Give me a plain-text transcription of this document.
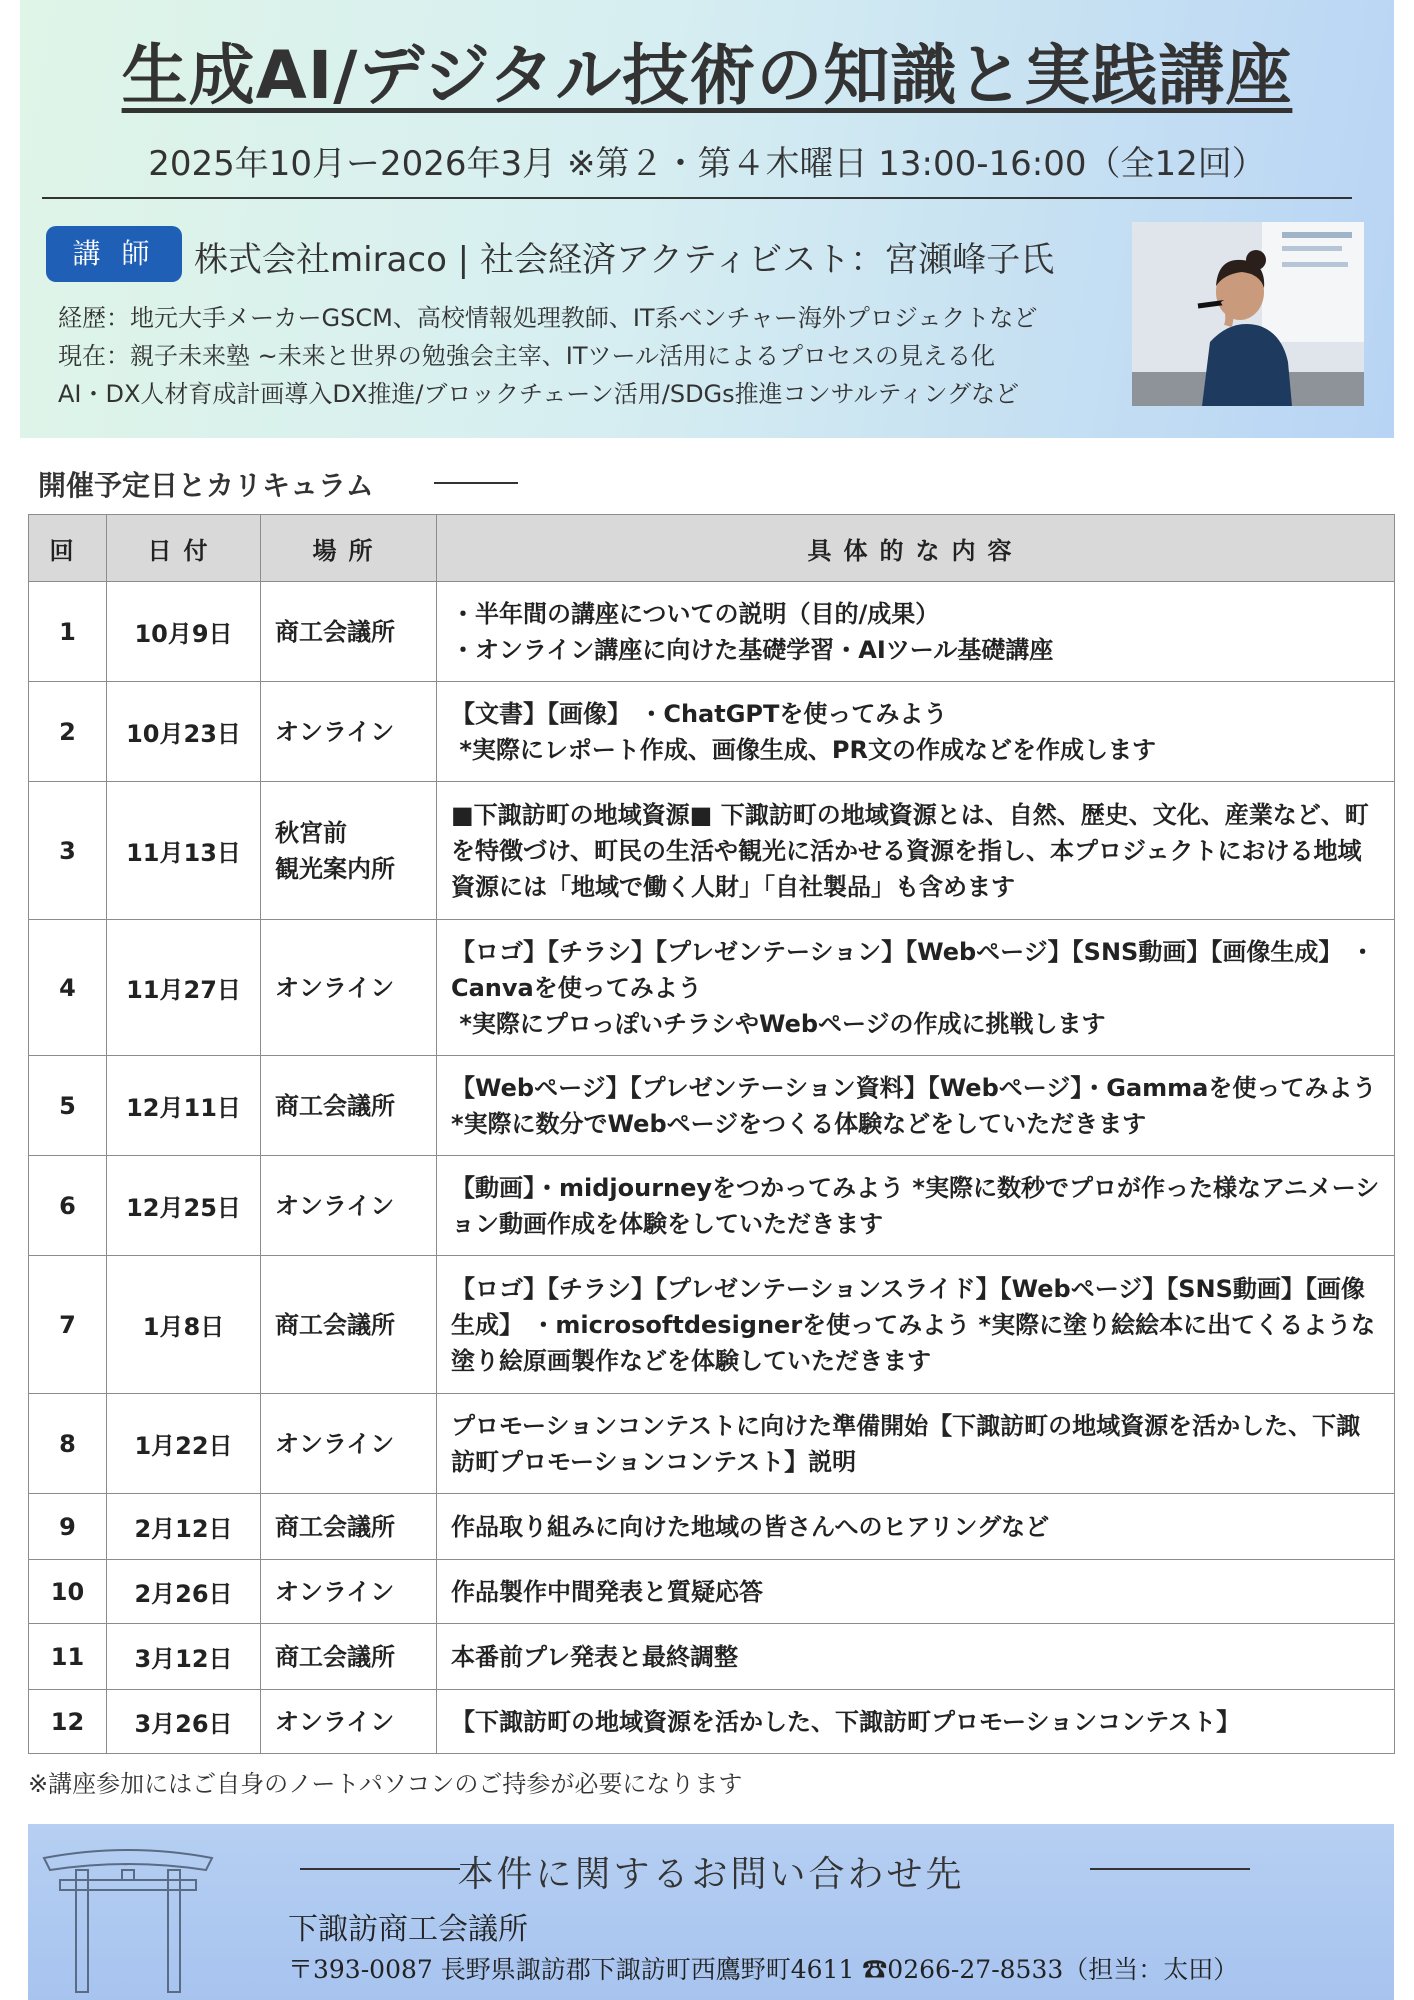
生成AI/デジタル技術の知識と実践講座
2025年10月ー2026年3月 ※第２・第４木曜日 13:00-16:00（全12回）
講 師	株式会社miraco | 社会経済アクティビスト：宮瀬峰子氏
経歴：地元大手メーカーGSCM、高校情報処理教師、IT系ベンチャー海外プロジェクトなど
現在：親子未来塾 ~未来と世界の勉強会主宰、ITツール活用によるプロセスの見える化
AI・DX人材育成計画導入DX推進/ブロックチェーン活用/SDGs推進コンサルティングなど
開催予定日とカリキュラム
回	日付	場所	具体的な内容
1	10月9日	商工会議所	・半年間の講座についての説明（目的/成果）
・オンライン講座に向けた基礎学習・AIツール基礎講座

2	10月23日	オンライン	【文書】【画像】 ・ChatGPTを使ってみよう
*実際にレポート作成、画像生成、PR文の作成などを作成します

3	11月13日	秋宮前
観光案内所	■下諏訪町の地域資源■ 下諏訪町の地域資源とは、自然、歴史、文化、産業など、町を特徴づけ、町民の生活や観光に活かせる資源を指し、本プロジェクトにおける地域資源には「地域で働く人財」「自社製品」も含めます

4	11月27日	オンライン	【ロゴ】【チラシ】【プレゼンテーション】【Webページ】【SNS動画】【画像生成】 ・Canvaを使ってみよう
*実際にプロっぽいチラシやWebページの作成に挑戦します

5	12月11日	商工会議所	【Webページ】【プレゼンテーション資料】【Webページ】・Gammaを使ってみよう *実際に数分でWebページをつくる体験などをしていただきます

6	12月25日	オンライン	【動画】・midjourneyをつかってみよう *実際に数秒でプロが作った様なアニメーション動画作成を体験をしていただきます

7	1月8日	商工会議所	【ロゴ】【チラシ】【プレゼンテーションスライド】【Webページ】【SNS動画】【画像生成】 ・microsoftdesignerを使ってみよう *実際に塗り絵絵本に出てくるような塗り絵原画製作などを体験していただきます

8	1月22日	オンライン	プロモーションコンテストに向けた準備開始【下諏訪町の地域資源を活かした、下諏訪町プロモーションコンテスト】説明

9	2月12日	商工会議所	作品取り組みに向けた地域の皆さんへのヒアリングなど

10	2月26日	オンライン	作品製作中間発表と質疑応答

11	3月12日	商工会議所	本番前プレ発表と最終調整

12	3月26日	オンライン	【下諏訪町の地域資源を活かした、下諏訪町プロモーションコンテスト】
※講座参加にはご自身のノートパソコンのご持参が必要になります
本件に関するお問い合わせ先
下諏訪商工会議所
〒393-0087 長野県諏訪郡下諏訪町西鷹野町4611 ☎0266-27-8533（担当：太田）
